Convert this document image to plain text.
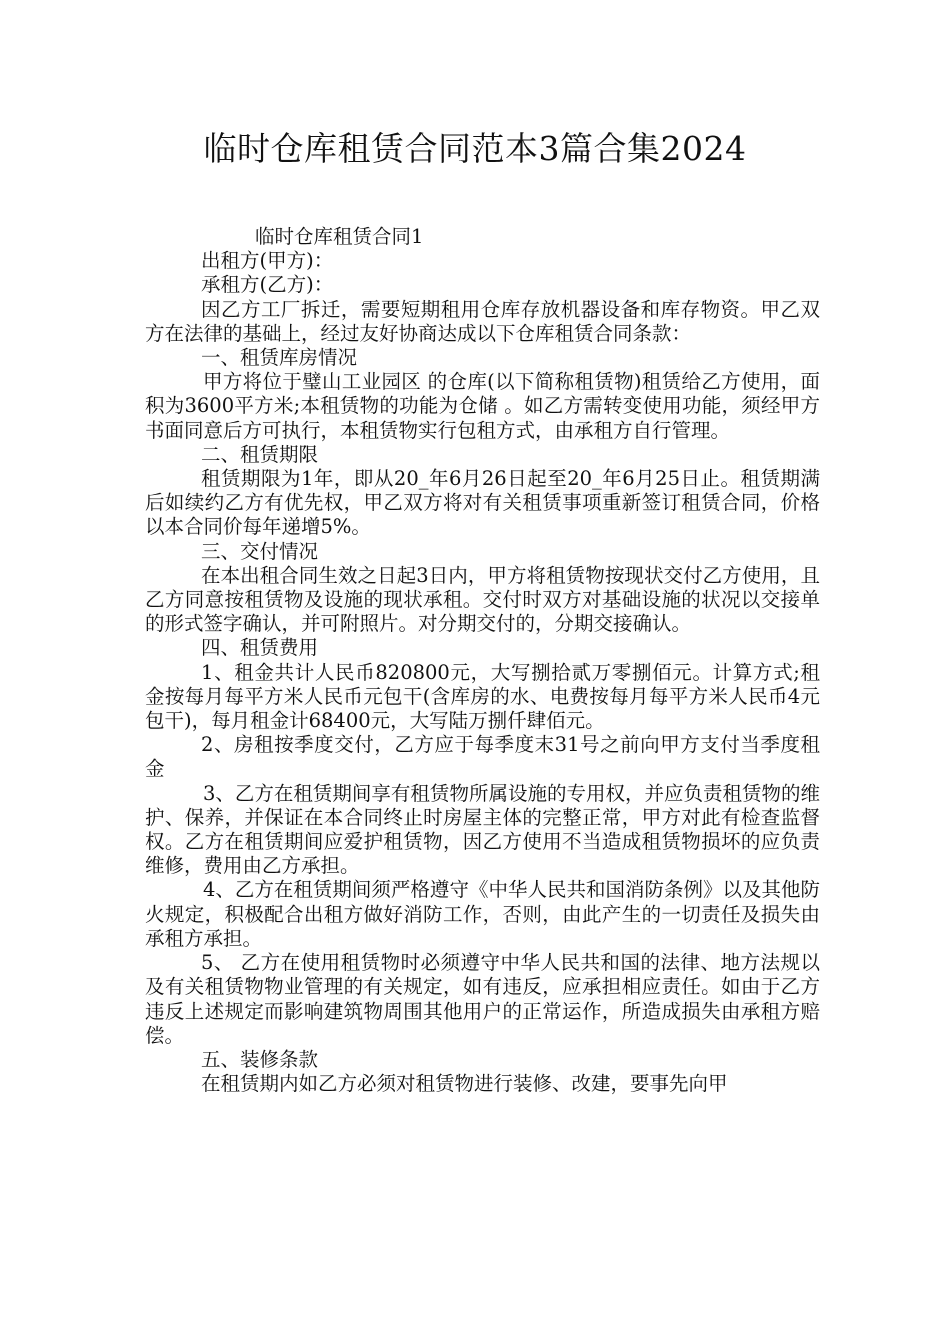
临时仓库租赁合同范本3篇合集2024

临时仓库租赁合同1

出租方(甲方)：

承租方(乙方)：

因乙方工厂拆迁，需要短期租用仓库存放机器设备和库存物资。甲乙双方在法律的基础上，经过友好协商达成以下仓库租赁合同条款：

一、租赁库房情况

甲方将位于璧山工业园区 的仓库(以下简称租赁物)租赁给乙方使用，面积为3600平方米;本租赁物的功能为仓储 。如乙方需转变使用功能，须经甲方书面同意后方可执行，本租赁物实行包租方式，由承租方自行管理。

二、租赁期限

租赁期限为1年，即从20_年6月26日起至20_年6月25日止。租赁期满后如续约乙方有优先权，甲乙双方将对有关租赁事项重新签订租赁合同，价格以本合同价每年递增5%。

三、交付情况

在本出租合同生效之日起3日内，甲方将租赁物按现状交付乙方使用，且乙方同意按租赁物及设施的现状承租。交付时双方对基础设施的状况以交接单的形式签字确认，并可附照片。对分期交付的，分期交接确认。

四、租赁费用

1、租金共计人民币820800元，大写捌拾贰万零捌佰元。计算方式;租金按每月每平方米人民币元包干(含库房的水、电费按每月每平方米人民币4元包干)，每月租金计68400元，大写陆万捌仟肆佰元。

2、房租按季度交付，乙方应于每季度末31号之前向甲方支付当季度租金

3、乙方在租赁期间享有租赁物所属设施的专用权，并应负责租赁物的维护、保养，并保证在本合同终止时房屋主体的完整正常，甲方对此有检查监督权。乙方在租赁期间应爱护租赁物，因乙方使用不当造成租赁物损坏的应负责维修，费用由乙方承担。

4、乙方在租赁期间须严格遵守《中华人民共和国消防条例》以及其他防火规定，积极配合出租方做好消防工作，否则，由此产生的一切责任及损失由承租方承担。

5、 乙方在使用租赁物时必须遵守中华人民共和国的法律、地方法规以及有关租赁物物业管理的有关规定，如有违反，应承担相应责任。如由于乙方违反上述规定而影响建筑物周围其他用户的正常运作，所造成损失由承租方赔偿。

五、装修条款

在租赁期内如乙方必须对租赁物进行装修、改建，要事先向甲
